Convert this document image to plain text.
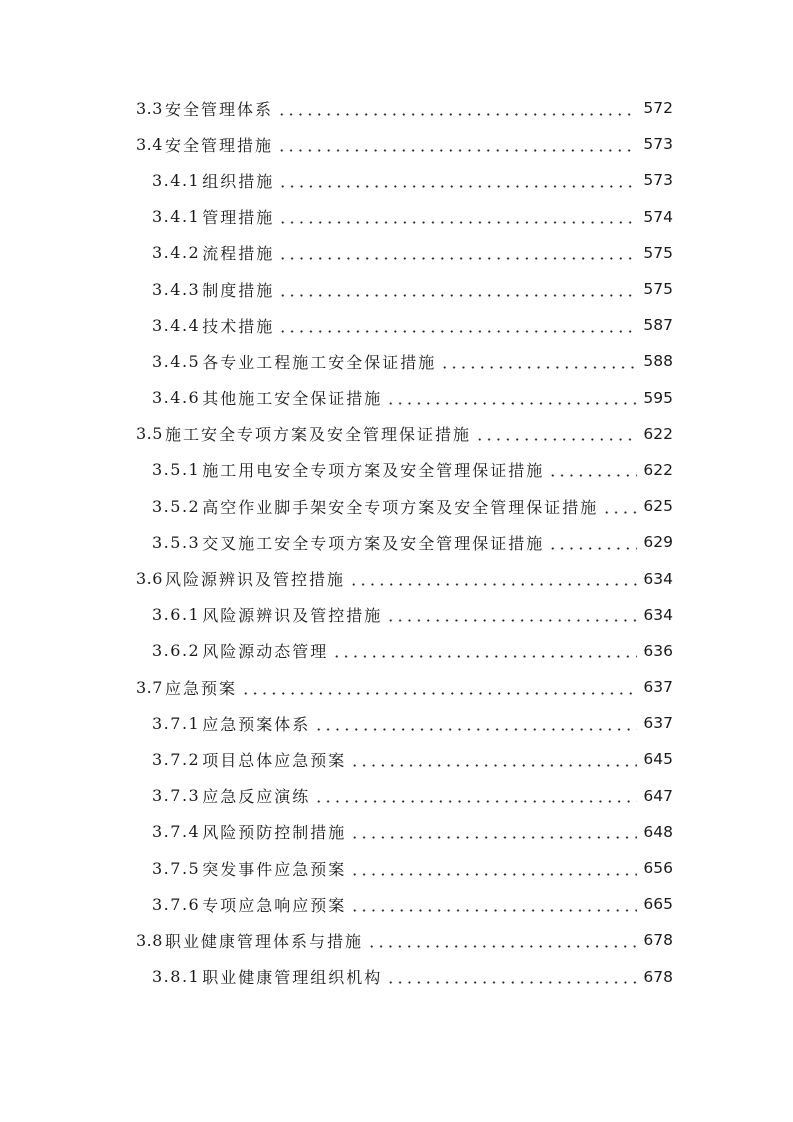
3.3 安全管理体系	572
3.4 安全管理措施	573
3.4.1 组织措施	573
3.4.1 管理措施	574
3.4.2 流程措施	575
3.4.3 制度措施	575
3.4.4 技术措施	587
3.4.5 各专业工程施工安全保证措施	588
3.4.6 其他施工安全保证措施	595
3.5 施工安全专项方案及安全管理保证措施	622
3.5.1 施工用电安全专项方案及安全管理保证措施	622
3.5.2 高空作业脚手架安全专项方案及安全管理保证措施	625
3.5.3 交叉施工安全专项方案及安全管理保证措施	629
3.6 风险源辨识及管控措施	634
3.6.1 风险源辨识及管控措施	634
3.6.2 风险源动态管理	636
3.7 应急预案	637
3.7.1 应急预案体系	637
3.7.2 项目总体应急预案	645
3.7.3 应急反应演练	647
3.7.4 风险预防控制措施	648
3.7.5 突发事件应急预案	656
3.7.6 专项应急响应预案	665
3.8 职业健康管理体系与措施	678
3.8.1 职业健康管理组织机构	678
